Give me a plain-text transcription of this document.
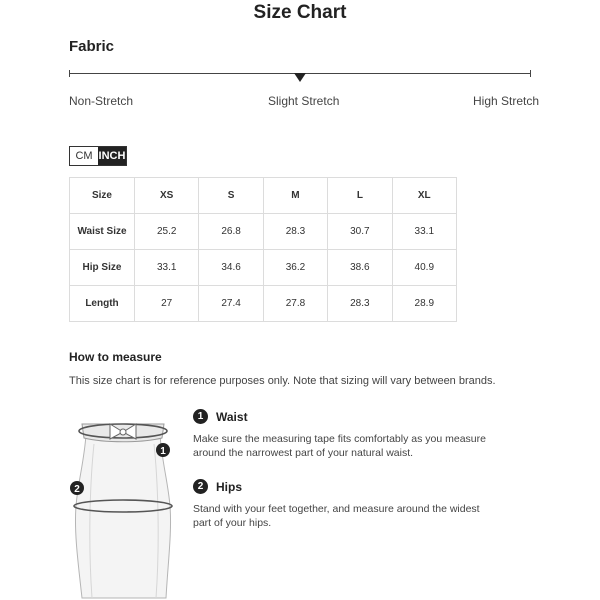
Size Chart
Fabric
Non-Stretch	Slight Stretch	High Stretch
CM INCH
Size	XS	S	M	L	XL
Waist Size	25.2	26.8	28.3	30.7	33.1
Hip Size	33.1	34.6	36.2	38.6	40.9
Length	27	27.4	27.8	28.3	28.9
How to measure
This size chart is for reference purposes only. Note that sizing will vary between brands.
1
2
1	Waist
Make sure the measuring tape fits comfortably as you measure around the narrowest part of your natural waist.
2	Hips
Stand with your feet together, and measure around the widest part of your hips.
